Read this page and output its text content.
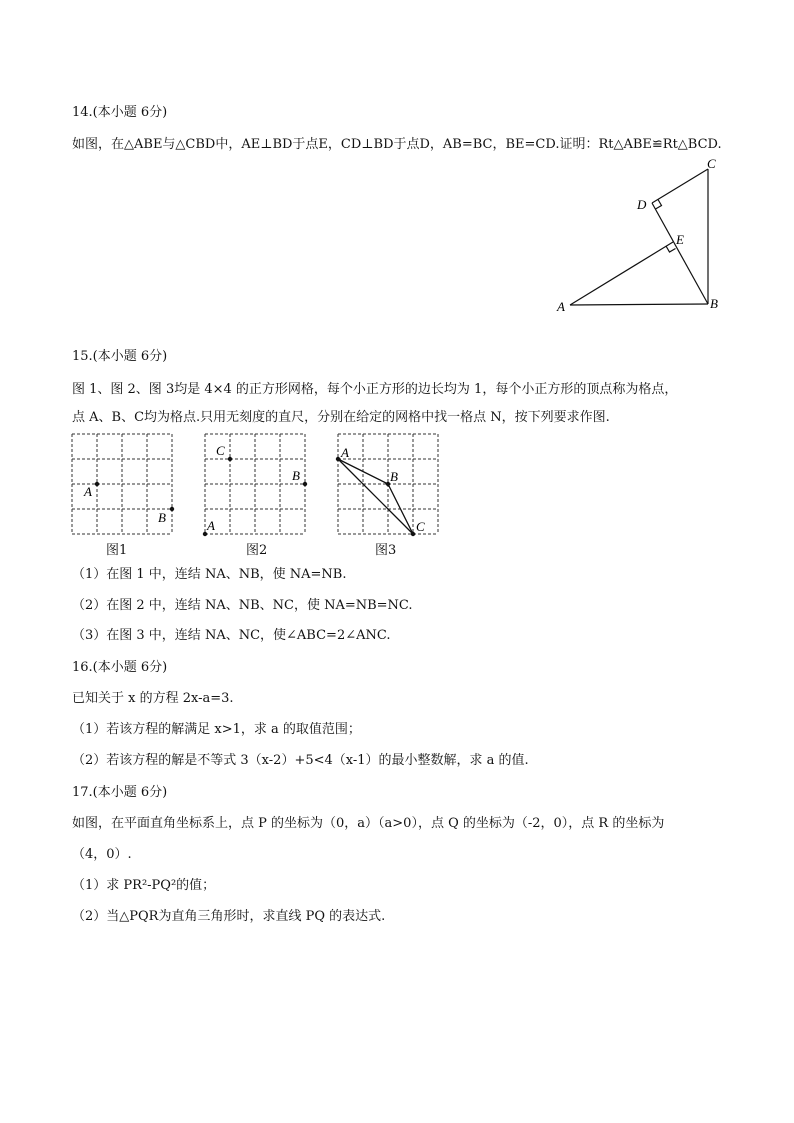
14.(本小题 6分)
如图，在△ABE与△CBD中，AE⊥BD于点E，CD⊥BD于点D，AB=BC，BE=CD.证明：Rt△ABE≌Rt△BCD.
C
D
E
A	B
15.(本小题 6分)
图 1、图 2、图 3均是 4×4 的正方形网格，每个小正方形的边长均为 1，每个小正方形的顶点称为格点，
点 A、B、C均为格点.只用无刻度的直尺，分别在给定的网格中找一格点 N，按下列要求作图.
A
B
图1
C
B
A
图2
A
B
C
图3
（1）在图 1 中，连结 NA、NB，使 NA=NB.
（2）在图 2 中，连结 NA、NB、NC，使 NA=NB=NC.
（3）在图 3 中，连结 NA、NC，使∠ABC=2∠ANC.
16.(本小题 6分)
已知关于 x 的方程 2x-a=3.
（1）若该方程的解满足 x>1，求 a 的取值范围；
（2）若该方程的解是不等式 3（x-2）+5<4（x-1）的最小整数解，求 a 的值.
17.(本小题 6分)
如图，在平面直角坐标系上，点 P 的坐标为（0，a）（a>0），点 Q 的坐标为（-2，0），点 R 的坐标为
（4，0）.
（1）求 PR²-PQ²的值；
（2）当△PQR为直角三角形时，求直线 PQ 的表达式.
